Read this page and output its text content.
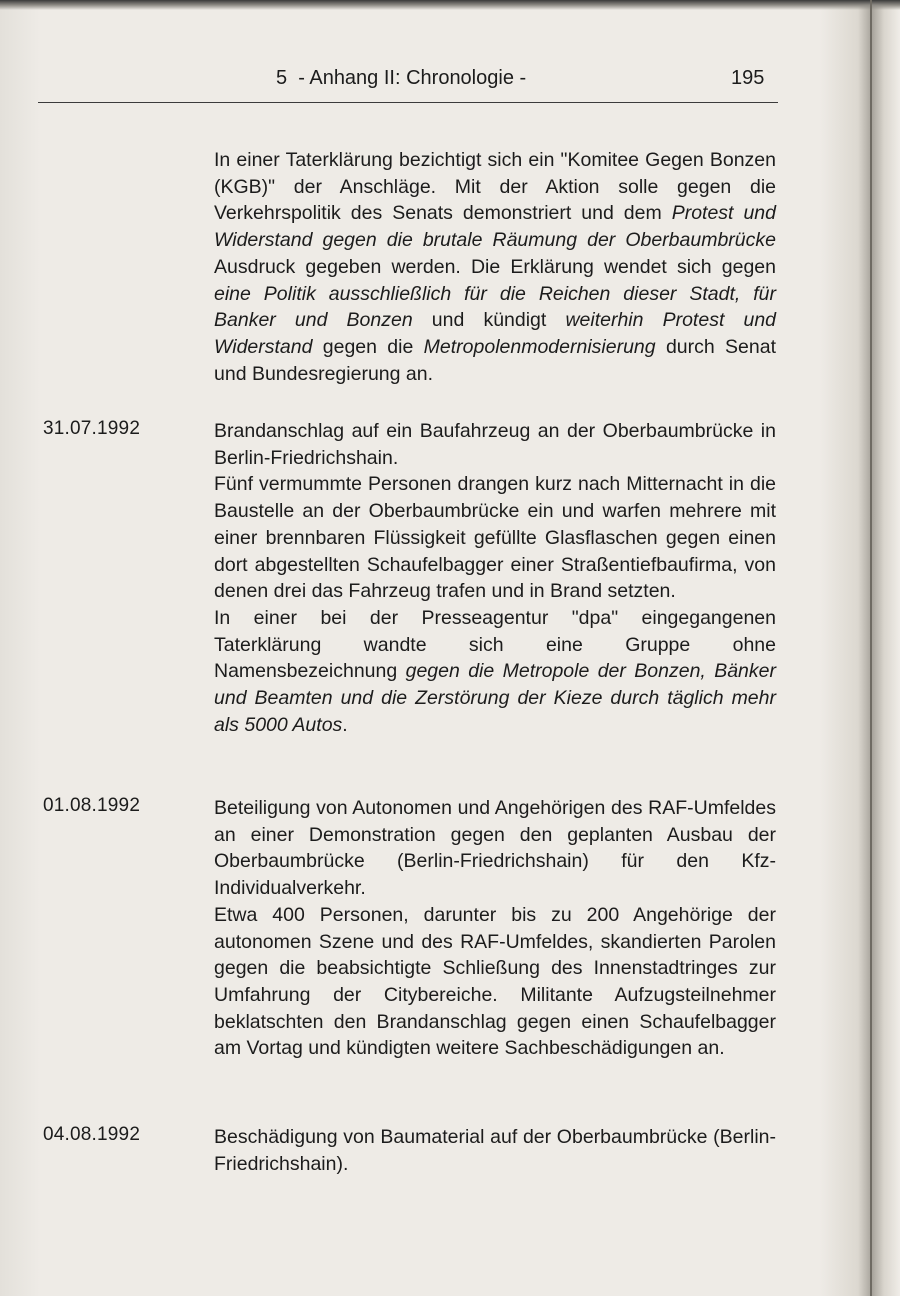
5  - Anhang II: Chronologie -	195

In einer Taterklärung bezichtigt sich ein "Komitee Gegen Bonzen (KGB)" der Anschläge. Mit der Aktion solle gegen die Verkehrspolitik des Senats demonstriert und dem Protest und Widerstand gegen die brutale Räumung der Oberbaumbrücke Ausdruck gegeben werden. Die Erklärung wendet sich gegen eine Politik ausschließlich für die Reichen dieser Stadt, für Banker und Bonzen und kündigt weiterhin Protest und Widerstand gegen die Metropolenmodernisierung durch Senat und Bundesregierung an.

31.07.1992	Brandanschlag auf ein Baufahrzeug an der Oberbaumbrücke in Berlin-Friedrichshain.

Fünf vermummte Personen drangen kurz nach Mitternacht in die Baustelle an der Oberbaumbrücke ein und warfen mehrere mit einer brennbaren Flüssigkeit gefüllte Glasflaschen gegen einen dort abgestellten Schaufelbagger einer Straßentiefbaufirma, von denen drei das Fahrzeug trafen und in Brand setzten.

In einer bei der Presseagentur "dpa" eingegangenen Taterklärung wandte sich eine Gruppe ohne Namensbezeichnung gegen die Metropole der Bonzen, Bänker und Beamten und die Zerstörung der Kieze durch täglich mehr als 5000 Autos.

01.08.1992	Beteiligung von Autonomen und Angehörigen des RAF-Umfeldes an einer Demonstration gegen den geplanten Ausbau der Oberbaumbrücke (Berlin-Friedrichshain) für den Kfz-Individualverkehr.

Etwa 400 Personen, darunter bis zu 200 Angehörige der autonomen Szene und des RAF-Umfeldes, skandierten Parolen gegen die beabsichtigte Schließung des Innenstadtringes zur Umfahrung der Citybereiche. Militante Aufzugsteilnehmer beklatschten den Brandanschlag gegen einen Schaufelbagger am Vortag und kündigten weitere Sachbeschädigungen an.

04.08.1992	Beschädigung von Baumaterial auf der Oberbaumbrücke (Berlin-Friedrichshain).
